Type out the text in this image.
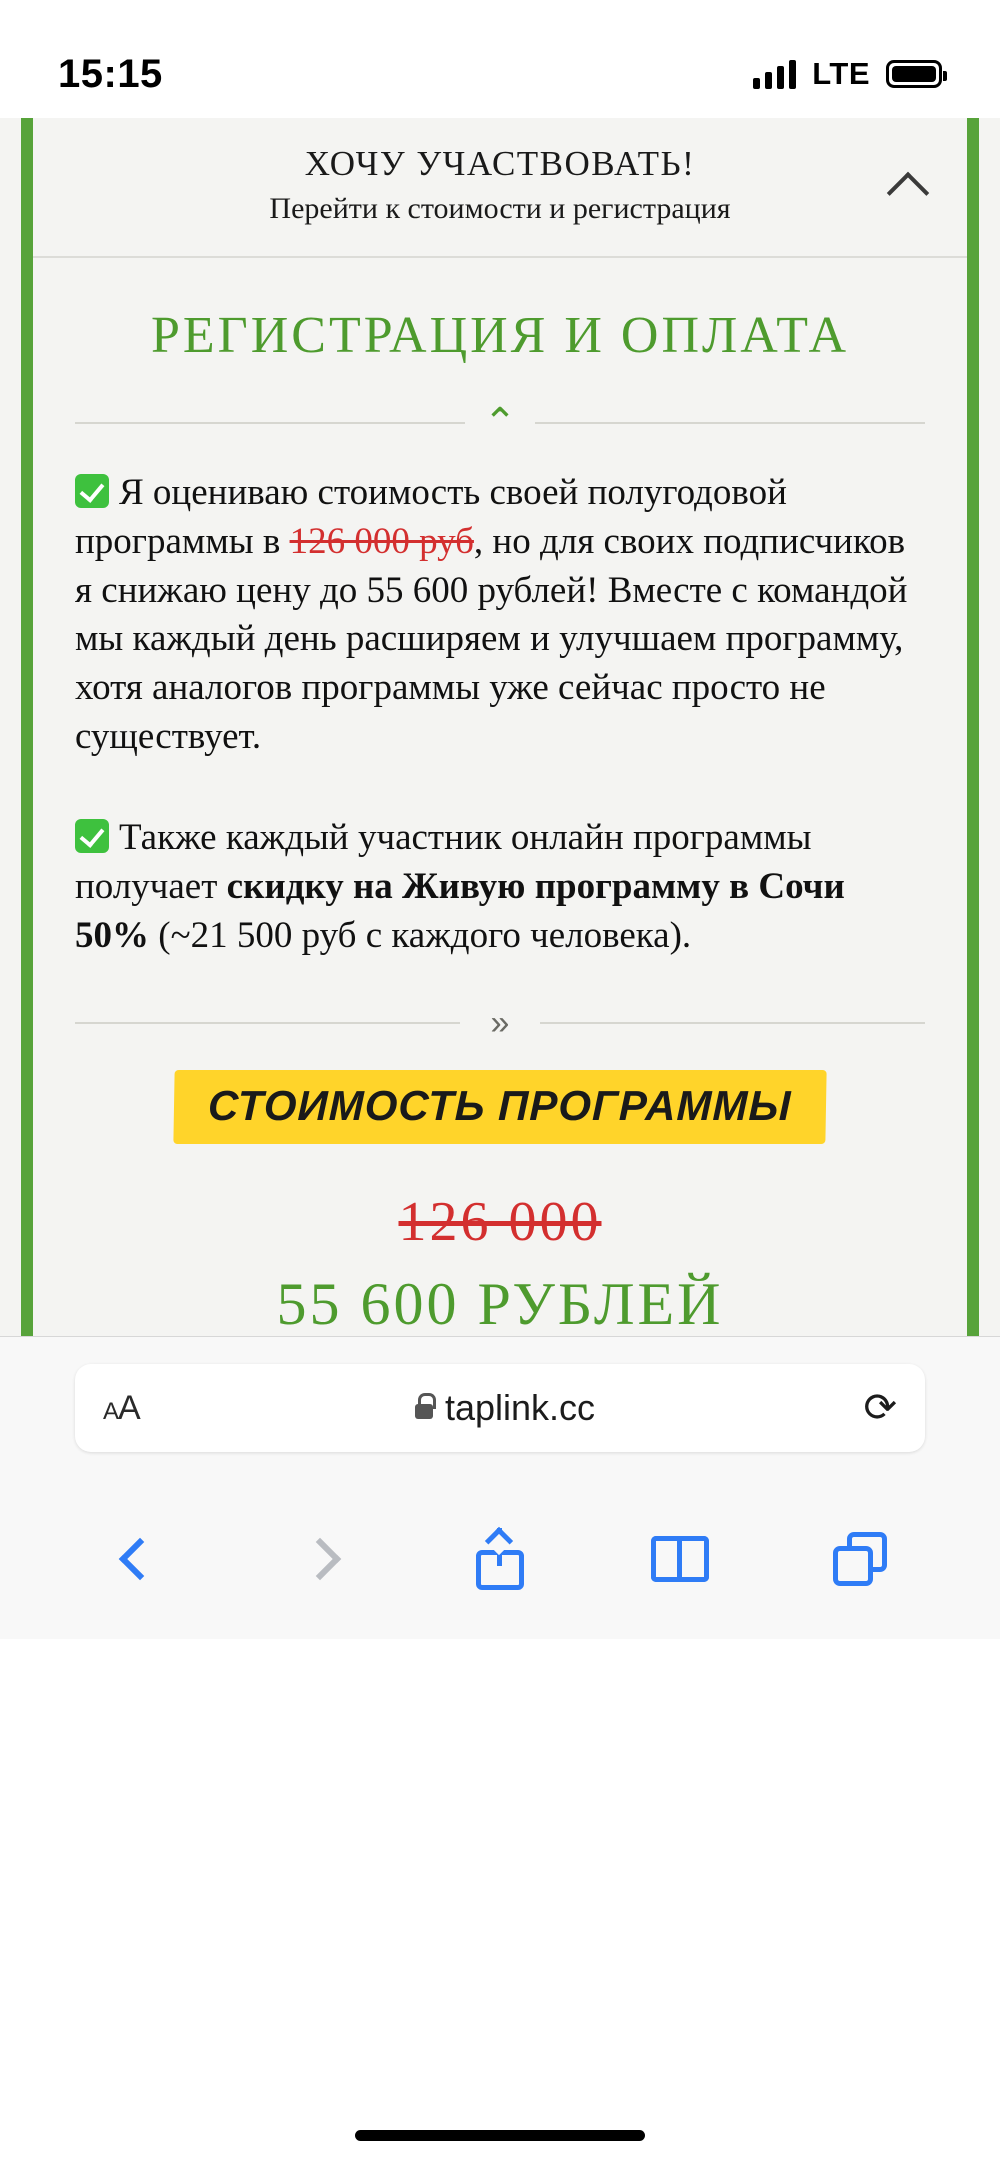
15:15	LTE
ХОЧУ УЧАСТВОВАТЬ!
Перейти к стоимости и регистрация
РЕГИСТРАЦИЯ И ОПЛАТА
⌃
Я оцениваю стоимость своей полугодовой программы в 126 000 руб, но для своих подписчиков я снижаю цену до 55 600 рублей! Вместе с командой мы каждый день расширяем и улучшаем программу, хотя аналогов программы уже сейчас просто не существует.
Также каждый участник онлайн программы получает скидку на Живую программу в Сочи 50% (~21 500 руб с каждого человека).
»
СТОИМОСТЬ ПРОГРАММЫ
126 000
55 600 РУБЛЕЙ
AA	taplink.cc	⟳
